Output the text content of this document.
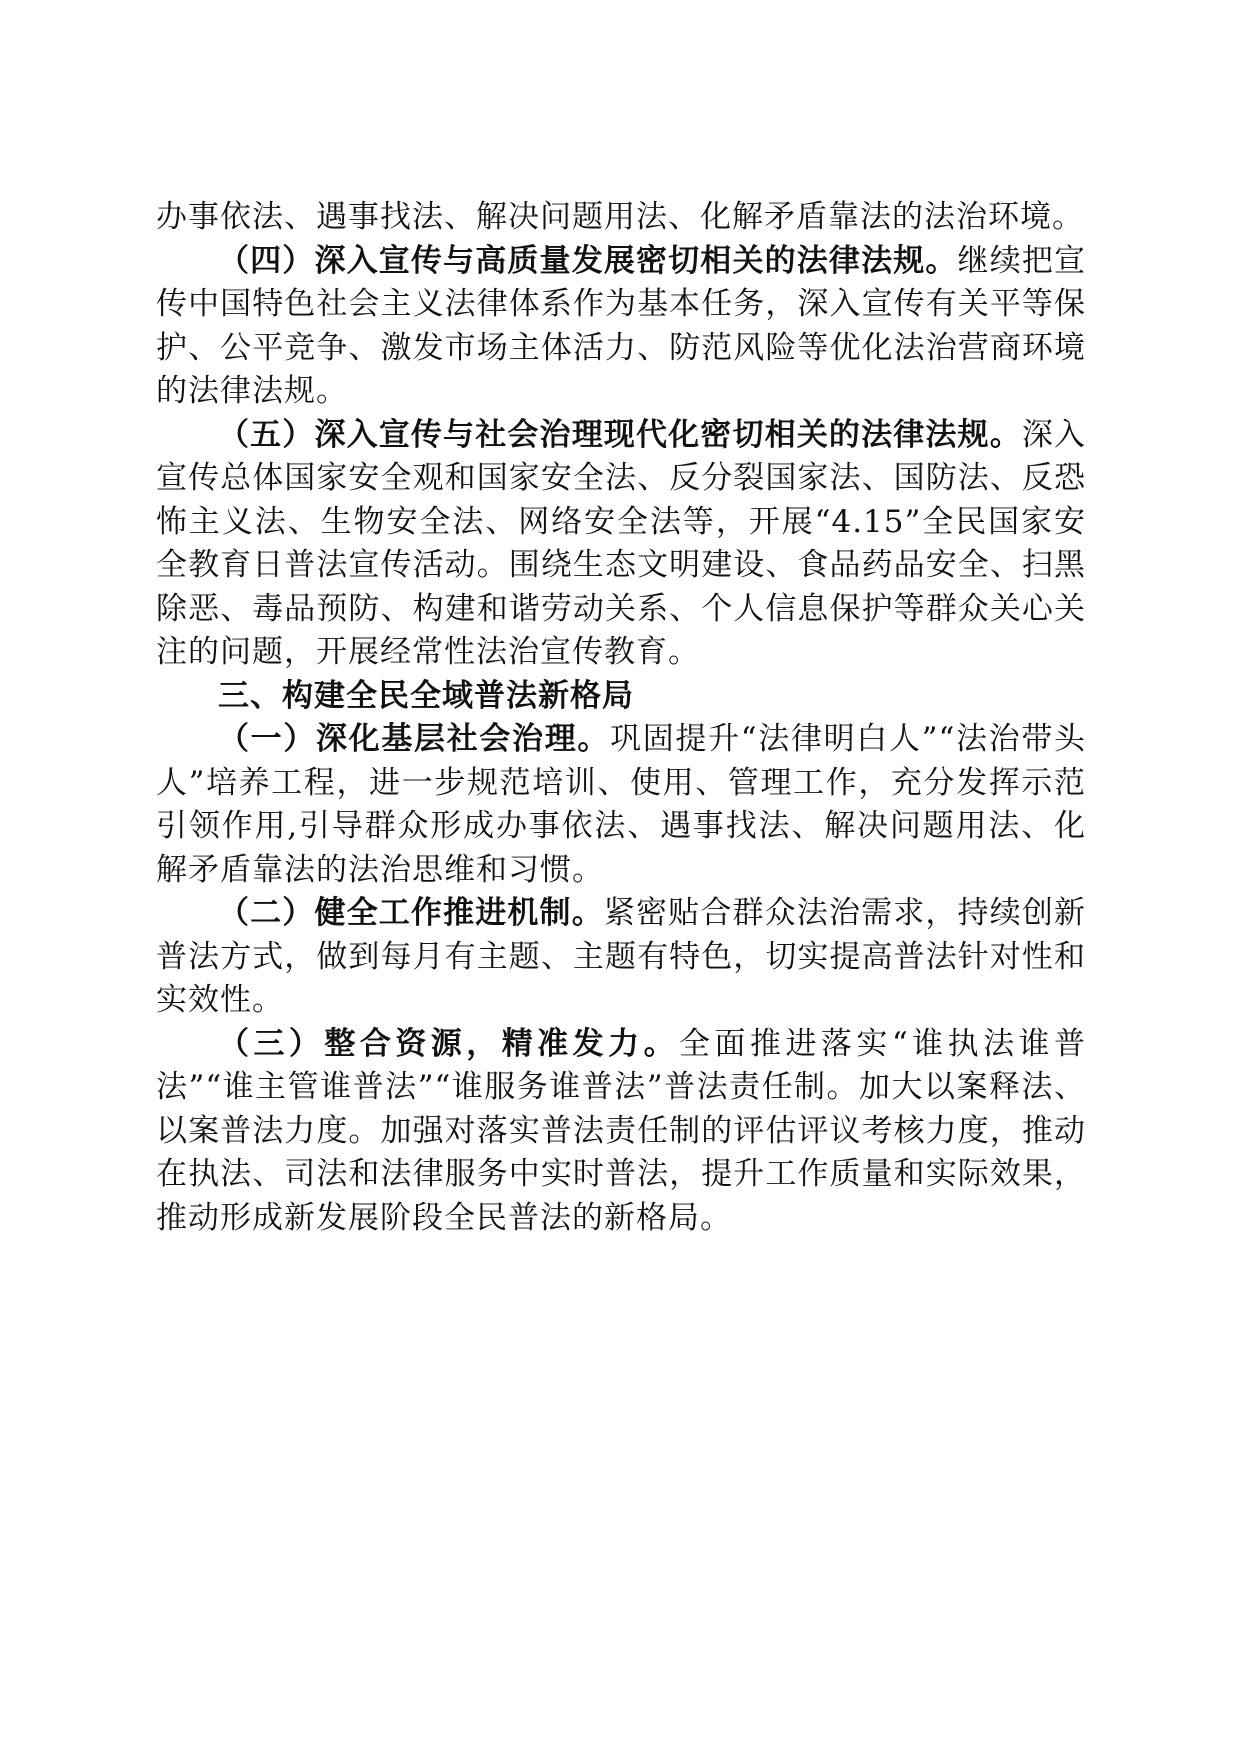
办事依法、遇事找法、解决问题用法、化解矛盾靠法的法治环境。

（四）深入宣传与高质量发展密切相关的法律法规。继续把宣传中国特色社会主义法律体系作为基本任务，深入宣传有关平等保护、公平竞争、激发市场主体活力、防范风险等优化法治营商环境的法律法规。

（五）深入宣传与社会治理现代化密切相关的法律法规。深入宣传总体国家安全观和国家安全法、反分裂国家法、国防法、反恐怖主义法、生物安全法、网络安全法等，开展“4.15”全民国家安全教育日普法宣传活动。围绕生态文明建设、食品药品安全、扫黑除恶、毒品预防、构建和谐劳动关系、个人信息保护等群众关心关注的问题，开展经常性法治宣传教育。

三、构建全民全域普法新格局

（一）深化基层社会治理。巩固提升“法律明白人”“法治带头人”培养工程，进一步规范培训、使用、管理工作，充分发挥示范引领作用,引导群众形成办事依法、遇事找法、解决问题用法、化解矛盾靠法的法治思维和习惯。

（二）健全工作推进机制。紧密贴合群众法治需求，持续创新普法方式，做到每月有主题、主题有特色，切实提高普法针对性和实效性。

（三）整合资源，精准发力。全面推进落实“谁执法谁普法”“谁主管谁普法”“谁服务谁普法”普法责任制。加大以案释法、以案普法力度。加强对落实普法责任制的评估评议考核力度，推动在执法、司法和法律服务中实时普法，提升工作质量和实际效果，推动形成新发展阶段全民普法的新格局。
